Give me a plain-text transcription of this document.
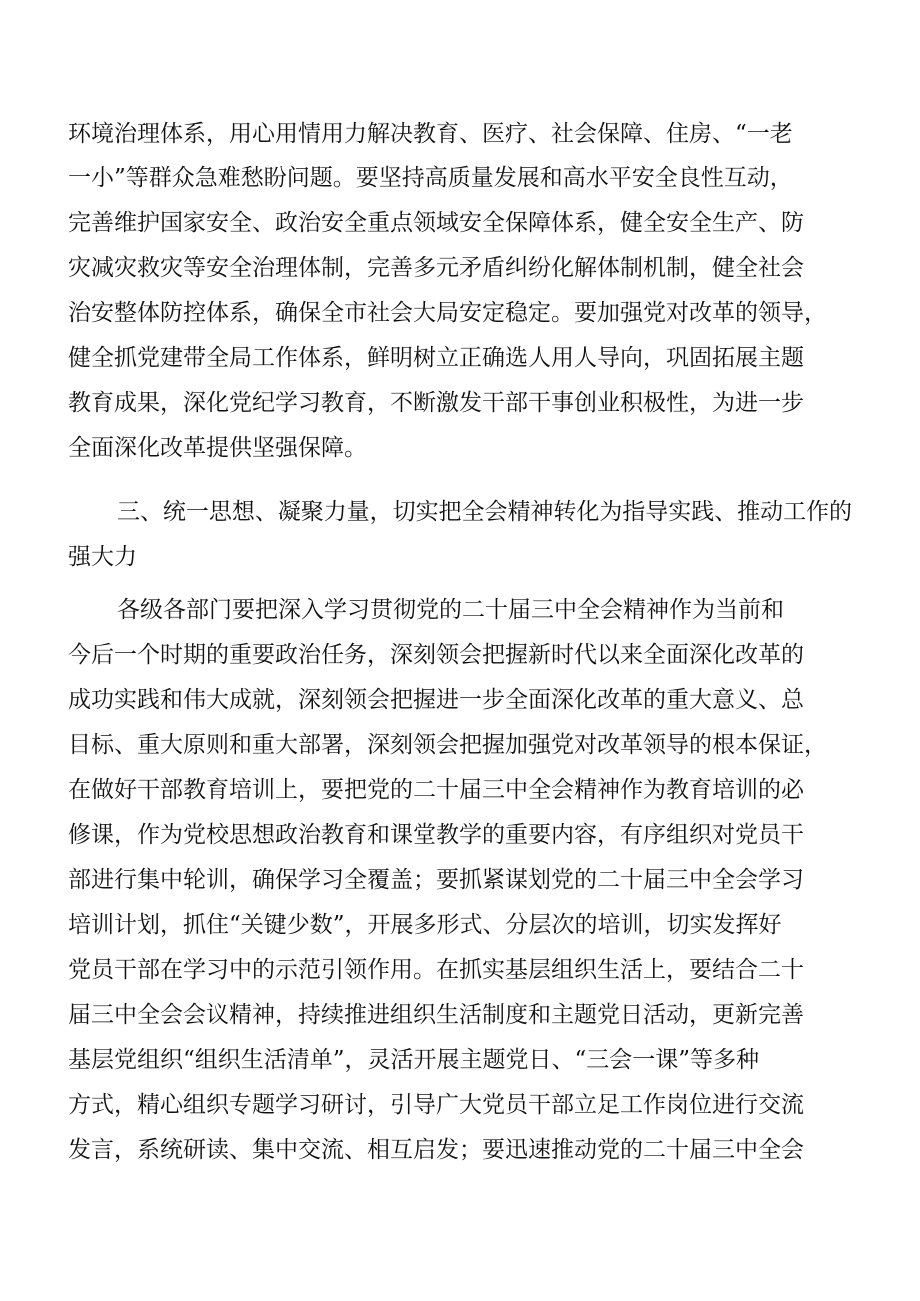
环境治理体系，用心用情用力解决教育、医疗、社会保障、住房、“一老
一小”等群众急难愁盼问题。要坚持高质量发展和高水平安全良性互动，
完善维护国家安全、政治安全重点领域安全保障体系，健全安全生产、防
灾减灾救灾等安全治理体制，完善多元矛盾纠纷化解体制机制，健全社会
治安整体防控体系，确保全市社会大局安定稳定。要加强党对改革的领导，
健全抓党建带全局工作体系，鲜明树立正确选人用人导向，巩固拓展主题
教育成果，深化党纪学习教育，不断激发干部干事创业积极性，为进一步
全面深化改革提供坚强保障。
三、统一思想、凝聚力量，切实把全会精神转化为指导实践、推动工作的
强大力
各级各部门要把深入学习贯彻党的二十届三中全会精神作为当前和
今后一个时期的重要政治任务，深刻领会把握新时代以来全面深化改革的
成功实践和伟大成就，深刻领会把握进一步全面深化改革的重大意义、总
目标、重大原则和重大部署，深刻领会把握加强党对改革领导的根本保证，
在做好干部教育培训上，要把党的二十届三中全会精神作为教育培训的必
修课，作为党校思想政治教育和课堂教学的重要内容，有序组织对党员干
部进行集中轮训，确保学习全覆盖；要抓紧谋划党的二十届三中全会学习
培训计划，抓住“关键少数”，开展多形式、分层次的培训，切实发挥好
党员干部在学习中的示范引领作用。在抓实基层组织生活上，要结合二十
届三中全会会议精神，持续推进组织生活制度和主题党日活动，更新完善
基层党组织“组织生活清单”，灵活开展主题党日、“三会一课”等多种
方式，精心组织专题学习研讨，引导广大党员干部立足工作岗位进行交流
发言，系统研读、集中交流、相互启发；要迅速推动党的二十届三中全会
